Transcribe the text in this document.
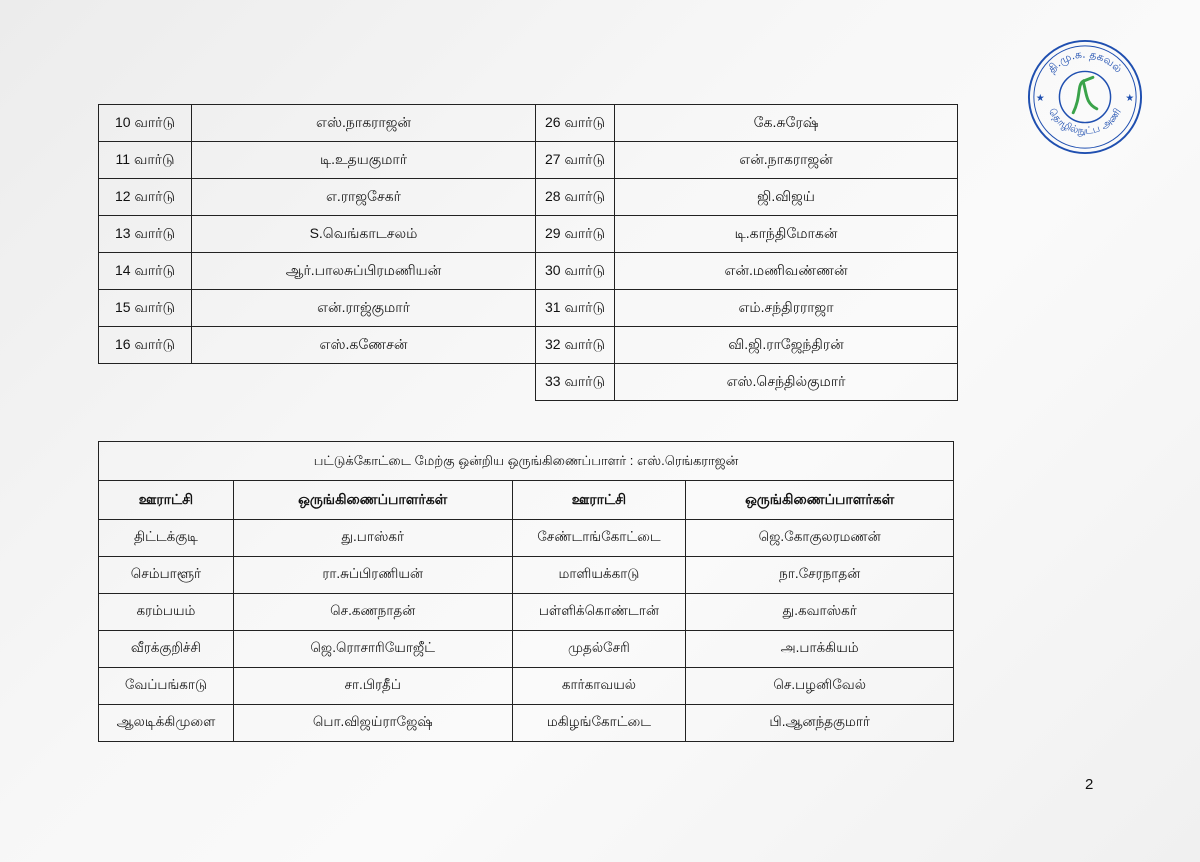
தி.மு.க. தகவல்
தொழில்நுட்ப அணி
★	★
10 வார்டு	எஸ்.நாகராஜன்
11 வார்டு	டி.உதயகுமார்
12 வார்டு	எ.ராஜசேகர்
13 வார்டு	S.வெங்காடசலம்
14 வார்டு	ஆர்.பாலசுப்பிரமணியன்
15 வார்டு	என்.ராஜ்குமார்
16 வார்டு	எஸ்.கணேசன்
26 வார்டு	கே.சுரேஷ்
27 வார்டு	என்.நாகராஜன்
28 வார்டு	ஜி.விஜய்
29 வார்டு	டி.காந்திமோகன்
30 வார்டு	என்.மணிவண்ணன்
31 வார்டு	எம்.சந்திரராஜா
32 வார்டு	வி.ஜி.ராஜேந்திரன்
33 வார்டு	எஸ்.செந்தில்குமார்
பட்டுக்கோட்டை மேற்கு ஒன்றிய ஒருங்கிணைப்பாளர் : எஸ்.ரெங்கராஜன்			
ஊராட்சி	ஒருங்கிணைப்பாளர்கள்	ஊராட்சி	ஒருங்கிணைப்பாளர்கள்
திட்டக்குடி	து.பாஸ்கர்	சேண்டாங்கோட்டை	ஜெ.கோகுலரமணன்
செம்பாளூர்	ரா.சுப்பிரணியன்	மாளியக்காடு	நா.சேரநாதன்
கரம்பயம்	செ.கணநாதன்	பள்ளிக்கொண்டான்	து.கவாஸ்கர்
வீரக்குறிச்சி	ஜெ.ரொசாரியோஜீட்	முதல்சேரி	அ.பாக்கியம்
வேப்பங்காடு	சா.பிரதீப்	கார்காவயல்	செ.பழனிவேல்
ஆலடிக்கிமுளை	பொ.விஜய்ராஜேஷ்	மகிழங்கோட்டை	பி.ஆனந்தகுமார்
2
